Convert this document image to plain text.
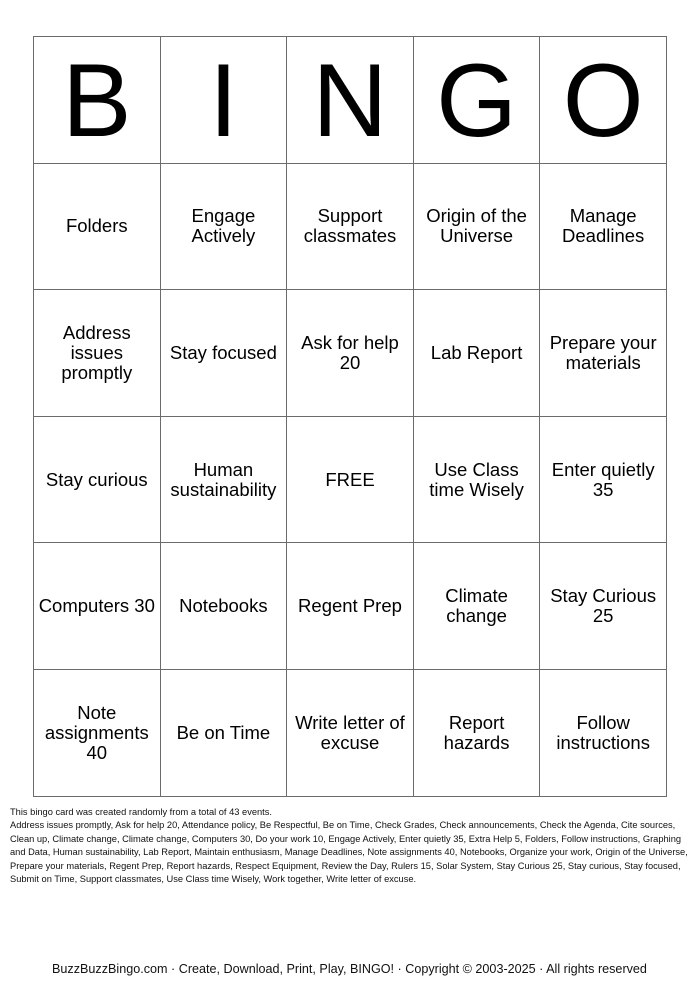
B	I	N	G	O
Folders	Engage Actively	Support classmates	Origin of the Universe	Manage Deadlines
Address issues promptly	Stay focused	Ask for help 20	Lab Report	Prepare your materials
Stay curious	Human sustainability	FREE	Use Class time Wisely	Enter quietly 35
Computers 30	Notebooks	Regent Prep	Climate change	Stay Curious 25
Note assignments 40	Be on Time	Write letter of excuse	Report hazards	Follow instructions

This bingo card was created randomly from a total of 43 events.

Address issues promptly, Ask for help 20, Attendance policy, Be Respectful, Be on Time, Check Grades, Check announcements, Check the Agenda, Cite sources, Clean up, Climate change, Climate change, Computers 30, Do your work 10, Engage Actively, Enter quietly 35, Extra Help 5, Folders, Follow instructions, Graphing and Data, Human sustainability, Lab Report, Maintain enthusiasm, Manage Deadlines, Note assignments 40, Notebooks, Organize your work, Origin of the Universe, Prepare your materials, Regent Prep, Report hazards, Respect Equipment, Review the Day, Rulers 15, Solar System, Stay Curious 25, Stay curious, Stay focused, Submit on Time, Support classmates, Use Class time Wisely, Work together, Write letter of excuse.

BuzzBuzzBingo.com · Create, Download, Print, Play, BINGO! · Copyright © 2003-2025 · All rights reserved
